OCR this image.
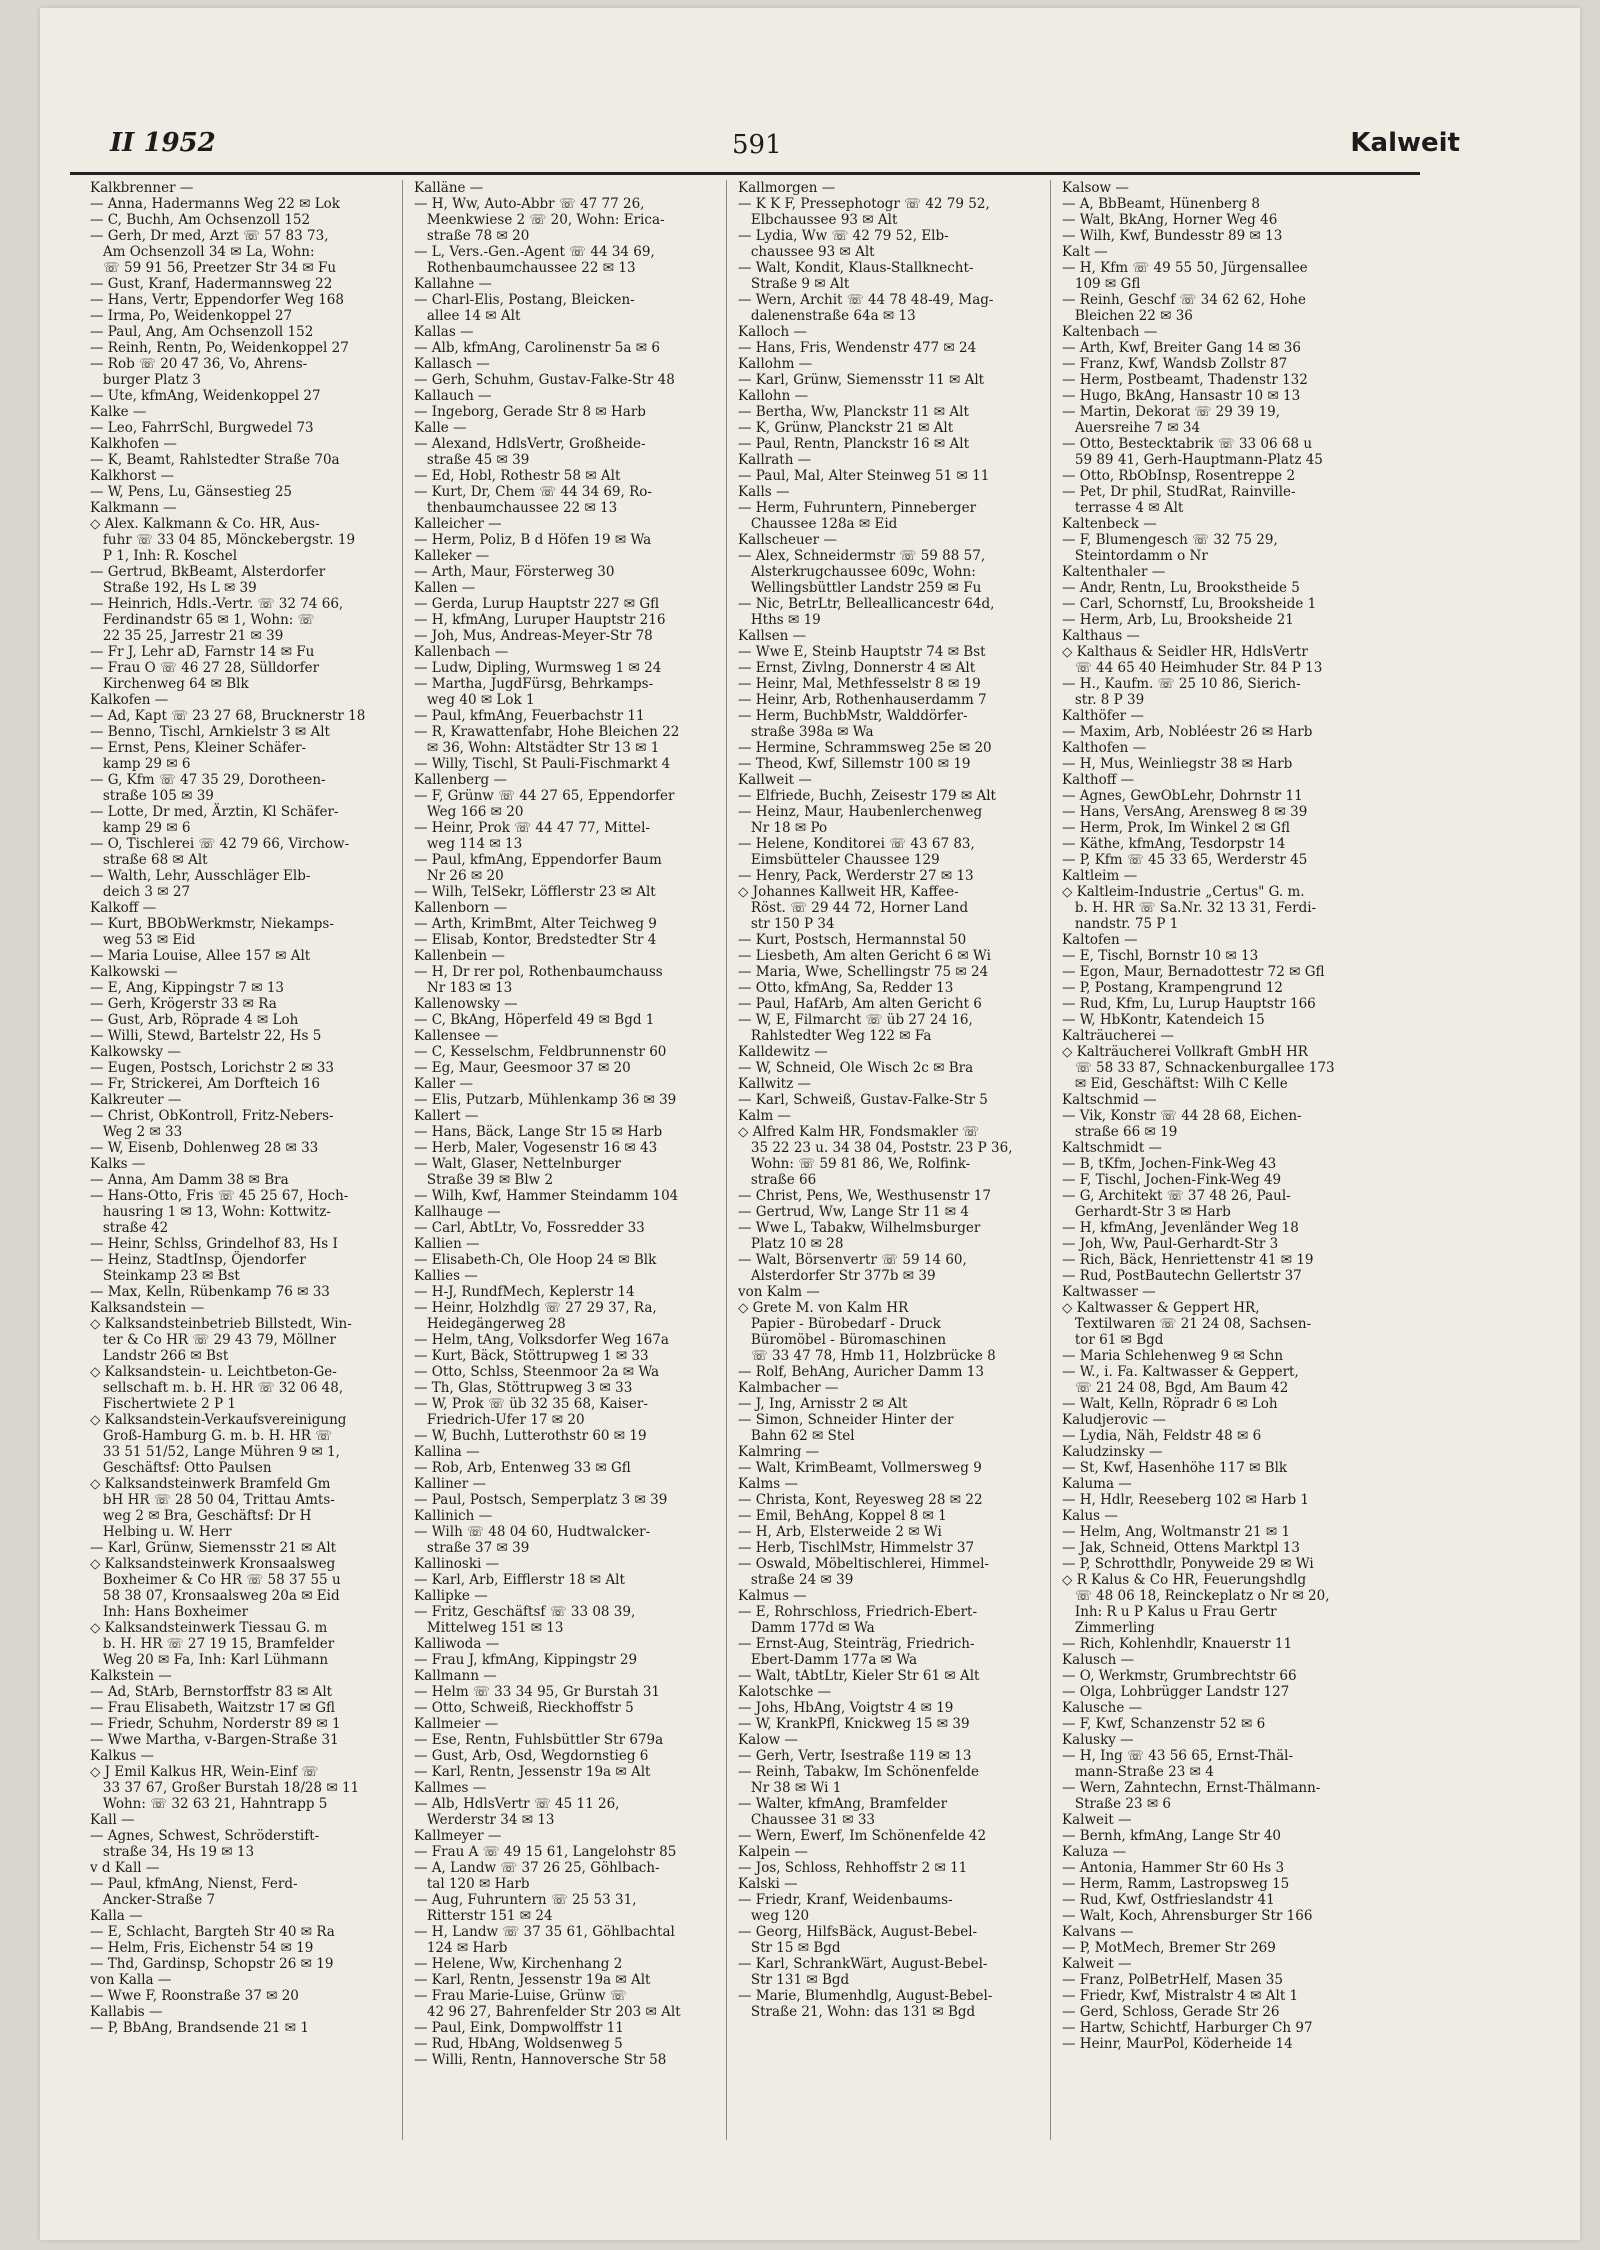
II 1952	591	Kalweit
Kalkbrenner —
— Anna, Hadermanns Weg 22 ✉ Lok
— C, Buchh, Am Ochsenzoll 152
— Gerh, Dr med, Arzt ☏ 57 83 73,
Am Ochsenzoll 34 ✉ La, Wohn:
☏ 59 91 56, Preetzer Str 34 ✉ Fu
— Gust, Kranf, Hadermannsweg 22
— Hans, Vertr, Eppendorfer Weg 168
— Irma, Po, Weidenkoppel 27
— Paul, Ang, Am Ochsenzoll 152
— Reinh, Rentn, Po, Weidenkoppel 27
— Rob ☏ 20 47 36, Vo, Ahrens-
burger Platz 3
— Ute, kfmAng, Weidenkoppel 27
Kalke —
— Leo, FahrrSchl, Burgwedel 73
Kalkhofen —
— K, Beamt, Rahlstedter Straße 70a
Kalkhorst —
— W, Pens, Lu, Gänsestieg 25
Kalkmann —
◇ Alex. Kalkmann & Co. HR, Aus-
fuhr ☏ 33 04 85, Mönckebergstr. 19
P 1, Inh: R. Koschel
— Gertrud, BkBeamt, Alsterdorfer
Straße 192, Hs L ✉ 39
— Heinrich, Hdls.-Vertr. ☏ 32 74 66,
Ferdinandstr 65 ✉ 1, Wohn: ☏
22 35 25, Jarrestr 21 ✉ 39
— Fr J, Lehr aD, Farnstr 14 ✉ Fu
— Frau O ☏ 46 27 28, Sülldorfer
Kirchenweg 64 ✉ Blk
Kalkofen —
— Ad, Kapt ☏ 23 27 68, Brucknerstr 18
— Benno, Tischl, Arnkielstr 3 ✉ Alt
— Ernst, Pens, Kleiner Schäfer-
kamp 29 ✉ 6
— G, Kfm ☏ 47 35 29, Dorotheen-
straße 105 ✉ 39
— Lotte, Dr med, Ärztin, Kl Schäfer-
kamp 29 ✉ 6
— O, Tischlerei ☏ 42 79 66, Virchow-
straße 68 ✉ Alt
— Walth, Lehr, Ausschläger Elb-
deich 3 ✉ 27
Kalkoff —
— Kurt, BBObWerkmstr, Niekamps-
weg 53 ✉ Eid
— Maria Louise, Allee 157 ✉ Alt
Kalkowski —
— E, Ang, Kippingstr 7 ✉ 13
— Gerh, Krögerstr 33 ✉ Ra
— Gust, Arb, Röprade 4 ✉ Loh
— Willi, Stewd, Bartelstr 22, Hs 5
Kalkowsky —
— Eugen, Postsch, Lorichstr 2 ✉ 33
— Fr, Strickerei, Am Dorfteich 16
Kalkreuter —
— Christ, ObKontroll, Fritz-Nebers-
Weg 2 ✉ 33
— W, Eisenb, Dohlenweg 28 ✉ 33
Kalks —
— Anna, Am Damm 38 ✉ Bra
— Hans-Otto, Fris ☏ 45 25 67, Hoch-
hausring 1 ✉ 13, Wohn: Kottwitz-
straße 42
— Heinr, Schlss, Grindelhof 83, Hs I
— Heinz, StadtInsp, Öjendorfer
Steinkamp 23 ✉ Bst
— Max, Kelln, Rübenkamp 76 ✉ 33
Kalksandstein —
◇ Kalksandsteinbetrieb Billstedt, Win-
ter & Co HR ☏ 29 43 79, Möllner
Landstr 266 ✉ Bst
◇ Kalksandstein- u. Leichtbeton-Ge-
sellschaft m. b. H. HR ☏ 32 06 48,
Fischertwiete 2 P 1
◇ Kalksandstein-Verkaufsvereinigung
Groß-Hamburg G. m. b. H. HR ☏
33 51 51/52, Lange Mühren 9 ✉ 1,
Geschäftsf: Otto Paulsen
◇ Kalksandsteinwerk Bramfeld Gm
bH HR ☏ 28 50 04, Trittau Amts-
weg 2 ✉ Bra, Geschäftsf: Dr H
Helbing u. W. Herr
— Karl, Grünw, Siemensstr 21 ✉ Alt
◇ Kalksandsteinwerk Kronsaalsweg
Boxheimer & Co HR ☏ 58 37 55 u
58 38 07, Kronsaalsweg 20a ✉ Eid
Inh: Hans Boxheimer
◇ Kalksandsteinwerk Tiessau G. m
b. H. HR ☏ 27 19 15, Bramfelder
Weg 20 ✉ Fa, Inh: Karl Lühmann
Kalkstein —
— Ad, StArb, Bernstorffstr 83 ✉ Alt
— Frau Elisabeth, Waitzstr 17 ✉ Gfl
— Friedr, Schuhm, Norderstr 89 ✉ 1
— Wwe Martha, v-Bargen-Straße 31
Kalkus —
◇ J Emil Kalkus HR, Wein-Einf ☏
33 37 67, Großer Burstah 18/28 ✉ 11
Wohn: ☏ 32 63 21, Hahntrapp 5
Kall —
— Agnes, Schwest, Schröderstift-
straße 34, Hs 19 ✉ 13
v d Kall —
— Paul, kfmAng, Nienst, Ferd-
Ancker-Straße 7
Kalla —
— E, Schlacht, Bargteh Str 40 ✉ Ra
— Helm, Fris, Eichenstr 54 ✉ 19
— Thd, Gardinsp, Schopstr 26 ✉ 19
von Kalla —
— Wwe F, Roonstraße 37 ✉ 20
Kallabis —
— P, BbAng, Brandsende 21 ✉ 1
Kalläne —
— H, Ww, Auto-Abbr ☏ 47 77 26,
Meenkwiese 2 ☏ 20, Wohn: Erica-
straße 78 ✉ 20
— L, Vers.-Gen.-Agent ☏ 44 34 69,
Rothenbaumchaussee 22 ✉ 13
Kallahne —
— Charl-Elis, Postang, Bleicken-
allee 14 ✉ Alt
Kallas —
— Alb, kfmAng, Carolinenstr 5a ✉ 6
Kallasch —
— Gerh, Schuhm, Gustav-Falke-Str 48
Kallauch —
— Ingeborg, Gerade Str 8 ✉ Harb
Kalle —
— Alexand, HdlsVertr, Großheide-
straße 45 ✉ 39
— Ed, Hobl, Rothestr 58 ✉ Alt
— Kurt, Dr, Chem ☏ 44 34 69, Ro-
thenbaumchaussee 22 ✉ 13
Kalleicher —
— Herm, Poliz, B d Höfen 19 ✉ Wa
Kalleker —
— Arth, Maur, Försterweg 30
Kallen —
— Gerda, Lurup Hauptstr 227 ✉ Gfl
— H, kfmAng, Luruper Hauptstr 216
— Joh, Mus, Andreas-Meyer-Str 78
Kallenbach —
— Ludw, Dipling, Wurmsweg 1 ✉ 24
— Martha, JugdFürsg, Behrkamps-
weg 40 ✉ Lok 1
— Paul, kfmAng, Feuerbachstr 11
— R, Krawattenfabr, Hohe Bleichen 22
✉ 36, Wohn: Altstädter Str 13 ✉ 1
— Willy, Tischl, St Pauli-Fischmarkt 4
Kallenberg —
— F, Grünw ☏ 44 27 65, Eppendorfer
Weg 166 ✉ 20
— Heinr, Prok ☏ 44 47 77, Mittel-
weg 114 ✉ 13
— Paul, kfmAng, Eppendorfer Baum
Nr 26 ✉ 20
— Wilh, TelSekr, Löfflerstr 23 ✉ Alt
Kallenborn —
— Arth, KrimBmt, Alter Teichweg 9
— Elisab, Kontor, Bredstedter Str 4
Kallenbein —
— H, Dr rer pol, Rothenbaumchauss
Nr 183 ✉ 13
Kallenowsky —
— C, BkAng, Höperfeld 49 ✉ Bgd 1
Kallensee —
— C, Kesselschm, Feldbrunnenstr 60
— Eg, Maur, Geesmoor 37 ✉ 20
Kaller —
— Elis, Putzarb, Mühlenkamp 36 ✉ 39
Kallert —
— Hans, Bäck, Lange Str 15 ✉ Harb
— Herb, Maler, Vogesenstr 16 ✉ 43
— Walt, Glaser, Nettelnburger
Straße 39 ✉ Blw 2
— Wilh, Kwf, Hammer Steindamm 104
Kallhauge —
— Carl, AbtLtr, Vo, Fossredder 33
Kallien —
— Elisabeth-Ch, Ole Hoop 24 ✉ Blk
Kallies —
— H-J, RundfMech, Keplerstr 14
— Heinr, Holzhdlg ☏ 27 29 37, Ra,
Heidegängerweg 28
— Helm, tAng, Volksdorfer Weg 167a
— Kurt, Bäck, Stöttrupweg 1 ✉ 33
— Otto, Schlss, Steenmoor 2a ✉ Wa
— Th, Glas, Stöttrupweg 3 ✉ 33
— W, Prok ☏ üb 32 35 68, Kaiser-
Friedrich-Ufer 17 ✉ 20
— W, Buchh, Lutterothstr 60 ✉ 19
Kallina —
— Rob, Arb, Entenweg 33 ✉ Gfl
Kalliner —
— Paul, Postsch, Semperplatz 3 ✉ 39
Kallinich —
— Wilh ☏ 48 04 60, Hudtwalcker-
straße 37 ✉ 39
Kallinoski —
— Karl, Arb, Eifflerstr 18 ✉ Alt
Kallipke —
— Fritz, Geschäftsf ☏ 33 08 39,
Mittelweg 151 ✉ 13
Kalliwoda —
— Frau J, kfmAng, Kippingstr 29
Kallmann —
— Helm ☏ 33 34 95, Gr Burstah 31
— Otto, Schweiß, Rieckhoffstr 5
Kallmeier —
— Ese, Rentn, Fuhlsbüttler Str 679a
— Gust, Arb, Osd, Wegdornstieg 6
— Karl, Rentn, Jessenstr 19a ✉ Alt
Kallmes —
— Alb, HdlsVertr ☏ 45 11 26,
Werderstr 34 ✉ 13
Kallmeyer —
— Frau A ☏ 49 15 61, Langelohstr 85
— A, Landw ☏ 37 26 25, Göhlbach-
tal 120 ✉ Harb
— Aug, Fuhruntern ☏ 25 53 31,
Ritterstr 151 ✉ 24
— H, Landw ☏ 37 35 61, Göhlbachtal
124 ✉ Harb
— Helene, Ww, Kirchenhang 2
— Karl, Rentn, Jessenstr 19a ✉ Alt
— Frau Marie-Luise, Grünw ☏
42 96 27, Bahrenfelder Str 203 ✉ Alt
— Paul, Eink, Dompwolffstr 11
— Rud, HbAng, Woldsenweg 5
— Willi, Rentn, Hannoversche Str 58
Kallmorgen —
— K K F, Pressephotogr ☏ 42 79 52,
Elbchaussee 93 ✉ Alt
— Lydia, Ww ☏ 42 79 52, Elb-
chaussee 93 ✉ Alt
— Walt, Kondit, Klaus-Stallknecht-
Straße 9 ✉ Alt
— Wern, Archit ☏ 44 78 48-49, Mag-
dalenenstraße 64a ✉ 13
Kalloch —
— Hans, Fris, Wendenstr 477 ✉ 24
Kallohm —
— Karl, Grünw, Siemensstr 11 ✉ Alt
Kallohn —
— Bertha, Ww, Planckstr 11 ✉ Alt
— K, Grünw, Planckstr 21 ✉ Alt
— Paul, Rentn, Planckstr 16 ✉ Alt
Kallrath —
— Paul, Mal, Alter Steinweg 51 ✉ 11
Kalls —
— Herm, Fuhruntern, Pinneberger
Chaussee 128a ✉ Eid
Kallscheuer —
— Alex, Schneidermstr ☏ 59 88 57,
Alsterkrugchaussee 609c, Wohn:
Wellingsbüttler Landstr 259 ✉ Fu
— Nic, BetrLtr, Belleallicancestr 64d,
Hths ✉ 19
Kallsen —
— Wwe E, Steinb Hauptstr 74 ✉ Bst
— Ernst, Zivlng, Donnerstr 4 ✉ Alt
— Heinr, Mal, Methfesselstr 8 ✉ 19
— Heinr, Arb, Rothenhauserdamm 7
— Herm, BuchbMstr, Walddörfer-
straße 398a ✉ Wa
— Hermine, Schrammsweg 25e ✉ 20
— Theod, Kwf, Sillemstr 100 ✉ 19
Kallweit —
— Elfriede, Buchh, Zeisestr 179 ✉ Alt
— Heinz, Maur, Haubenlerchenweg
Nr 18 ✉ Po
— Helene, Konditorei ☏ 43 67 83,
Eimsbütteler Chaussee 129
— Henry, Pack, Werderstr 27 ✉ 13
◇ Johannes Kallweit HR, Kaffee-
Röst. ☏ 29 44 72, Horner Land
str 150 P 34
— Kurt, Postsch, Hermannstal 50
— Liesbeth, Am alten Gericht 6 ✉ Wi
— Maria, Wwe, Schellingstr 75 ✉ 24
— Otto, kfmAng, Sa, Redder 13
— Paul, HafArb, Am alten Gericht 6
— W, E, Filmarcht ☏ üb 27 24 16,
Rahlstedter Weg 122 ✉ Fa
Kalldewitz —
— W, Schneid, Ole Wisch 2c ✉ Bra
Kallwitz —
— Karl, Schweiß, Gustav-Falke-Str 5
Kalm —
◇ Alfred Kalm HR, Fondsmakler ☏
35 22 23 u. 34 38 04, Poststr. 23 P 36,
Wohn: ☏ 59 81 86, We, Rolfink-
straße 66
— Christ, Pens, We, Westhusenstr 17
— Gertrud, Ww, Lange Str 11 ✉ 4
— Wwe L, Tabakw, Wilhelmsburger
Platz 10 ✉ 28
— Walt, Börsenvertr ☏ 59 14 60,
Alsterdorfer Str 377b ✉ 39
von Kalm —
◇ Grete M. von Kalm HR
Papier - Bürobedarf - Druck
Büromöbel - Büromaschinen
☏ 33 47 78, Hmb 11, Holzbrücke 8
— Rolf, BehAng, Auricher Damm 13
Kalmbacher —
— J, Ing, Arnisstr 2 ✉ Alt
— Simon, Schneider Hinter der
Bahn 62 ✉ Stel
Kalmring —
— Walt, KrimBeamt, Vollmersweg 9
Kalms —
— Christa, Kont, Reyesweg 28 ✉ 22
— Emil, BehAng, Koppel 8 ✉ 1
— H, Arb, Elsterweide 2 ✉ Wi
— Herb, TischlMstr, Himmelstr 37
— Oswald, Möbeltischlerei, Himmel-
straße 24 ✉ 39
Kalmus —
— E, Rohrschloss, Friedrich-Ebert-
Damm 177d ✉ Wa
— Ernst-Aug, Steinträg, Friedrich-
Ebert-Damm 177a ✉ Wa
— Walt, tAbtLtr, Kieler Str 61 ✉ Alt
Kalotschke —
— Johs, HbAng, Voigtstr 4 ✉ 19
— W, KrankPfl, Knickweg 15 ✉ 39
Kalow —
— Gerh, Vertr, Isestraße 119 ✉ 13
— Reinh, Tabakw, Im Schönenfelde
Nr 38 ✉ Wi 1
— Walter, kfmAng, Bramfelder
Chaussee 31 ✉ 33
— Wern, Ewerf, Im Schönenfelde 42
Kalpein —
— Jos, Schloss, Rehhoffstr 2 ✉ 11
Kalski —
— Friedr, Kranf, Weidenbaums-
weg 120
— Georg, HilfsBäck, August-Bebel-
Str 15 ✉ Bgd
— Karl, SchrankWärt, August-Bebel-
Str 131 ✉ Bgd
— Marie, Blumenhdlg, August-Bebel-
Straße 21, Wohn: das 131 ✉ Bgd
Kalsow —
— A, BbBeamt, Hünenberg 8
— Walt, BkAng, Horner Weg 46
— Wilh, Kwf, Bundesstr 89 ✉ 13
Kalt —
— H, Kfm ☏ 49 55 50, Jürgensallee
109 ✉ Gfl
— Reinh, Geschf ☏ 34 62 62, Hohe
Bleichen 22 ✉ 36
Kaltenbach —
— Arth, Kwf, Breiter Gang 14 ✉ 36
— Franz, Kwf, Wandsb Zollstr 87
— Herm, Postbeamt, Thadenstr 132
— Hugo, BkAng, Hansastr 10 ✉ 13
— Martin, Dekorat ☏ 29 39 19,
Auersreihe 7 ✉ 34
— Otto, Bestecktabrik ☏ 33 06 68 u
59 89 41, Gerh-Hauptmann-Platz 45
— Otto, RbObInsp, Rosentreppe 2
— Pet, Dr phil, StudRat, Rainville-
terrasse 4 ✉ Alt
Kaltenbeck —
— F, Blumengesch ☏ 32 75 29,
Steintordamm o Nr
Kaltenthaler —
— Andr, Rentn, Lu, Brookstheide 5
— Carl, Schornstf, Lu, Brooksheide 1
— Herm, Arb, Lu, Brooksheide 21
Kalthaus —
◇ Kalthaus & Seidler HR, HdlsVertr
☏ 44 65 40 Heimhuder Str. 84 P 13
— H., Kaufm. ☏ 25 10 86, Sierich-
str. 8 P 39
Kalthöfer —
— Maxim, Arb, Nobléestr 26 ✉ Harb
Kalthofen —
— H, Mus, Weinliegstr 38 ✉ Harb
Kalthoff —
— Agnes, GewObLehr, Dohrnstr 11
— Hans, VersAng, Arensweg 8 ✉ 39
— Herm, Prok, Im Winkel 2 ✉ Gfl
— Käthe, kfmAng, Tesdorpstr 14
— P, Kfm ☏ 45 33 65, Werderstr 45
Kaltleim —
◇ Kaltleim-Industrie „Certus" G. m.
b. H. HR ☏ Sa.Nr. 32 13 31, Ferdi-
nandstr. 75 P 1
Kaltofen —
— E, Tischl, Bornstr 10 ✉ 13
— Egon, Maur, Bernadottestr 72 ✉ Gfl
— P, Postang, Krampengrund 12
— Rud, Kfm, Lu, Lurup Hauptstr 166
— W, HbKontr, Katendeich 15
Kalträucherei —
◇ Kalträucherei Vollkraft GmbH HR
☏ 58 33 87, Schnackenburgallee 173
✉ Eid, Geschäftst: Wilh C Kelle
Kaltschmid —
— Vik, Konstr ☏ 44 28 68, Eichen-
straße 66 ✉ 19
Kaltschmidt —
— B, tKfm, Jochen-Fink-Weg 43
— F, Tischl, Jochen-Fink-Weg 49
— G, Architekt ☏ 37 48 26, Paul-
Gerhardt-Str 3 ✉ Harb
— H, kfmAng, Jevenländer Weg 18
— Joh, Ww, Paul-Gerhardt-Str 3
— Rich, Bäck, Henriettenstr 41 ✉ 19
— Rud, PostBautechn Gellertstr 37
Kaltwasser —
◇ Kaltwasser & Geppert HR,
Textilwaren ☏ 21 24 08, Sachsen-
tor 61 ✉ Bgd
— Maria Schlehenweg 9 ✉ Schn
— W., i. Fa. Kaltwasser & Geppert,
☏ 21 24 08, Bgd, Am Baum 42
— Walt, Kelln, Röpradr 6 ✉ Loh
Kaludjerovic —
— Lydia, Näh, Feldstr 48 ✉ 6
Kaludzinsky —
— St, Kwf, Hasenhöhe 117 ✉ Blk
Kaluma —
— H, Hdlr, Reeseberg 102 ✉ Harb 1
Kalus —
— Helm, Ang, Woltmanstr 21 ✉ 1
— Jak, Schneid, Ottens Marktpl 13
— P, Schrotthdlr, Ponyweide 29 ✉ Wi
◇ R Kalus & Co HR, Feuerungshdlg
☏ 48 06 18, Reinckeplatz o Nr ✉ 20,
Inh: R u P Kalus u Frau Gertr
Zimmerling
— Rich, Kohlenhdlr, Knauerstr 11
Kalusch —
— O, Werkmstr, Grumbrechtstr 66
— Olga, Lohbrügger Landstr 127
Kalusche —
— F, Kwf, Schanzenstr 52 ✉ 6
Kalusky —
— H, Ing ☏ 43 56 65, Ernst-Thäl-
mann-Straße 23 ✉ 4
— Wern, Zahntechn, Ernst-Thälmann-
Straße 23 ✉ 6
Kalweit —
— Bernh, kfmAng, Lange Str 40
Kaluza —
— Antonia, Hammer Str 60 Hs 3
— Herm, Ramm, Lastropsweg 15
— Rud, Kwf, Ostfrieslandstr 41
— Walt, Koch, Ahrensburger Str 166
Kalvans —
— P, MotMech, Bremer Str 269
Kalweit —
— Franz, PolBetrHelf, Masen 35
— Friedr, Kwf, Mistralstr 4 ✉ Alt 1
— Gerd, Schloss, Gerade Str 26
— Hartw, Schichtf, Harburger Ch 97
— Heinr, MaurPol, Köderheide 14
